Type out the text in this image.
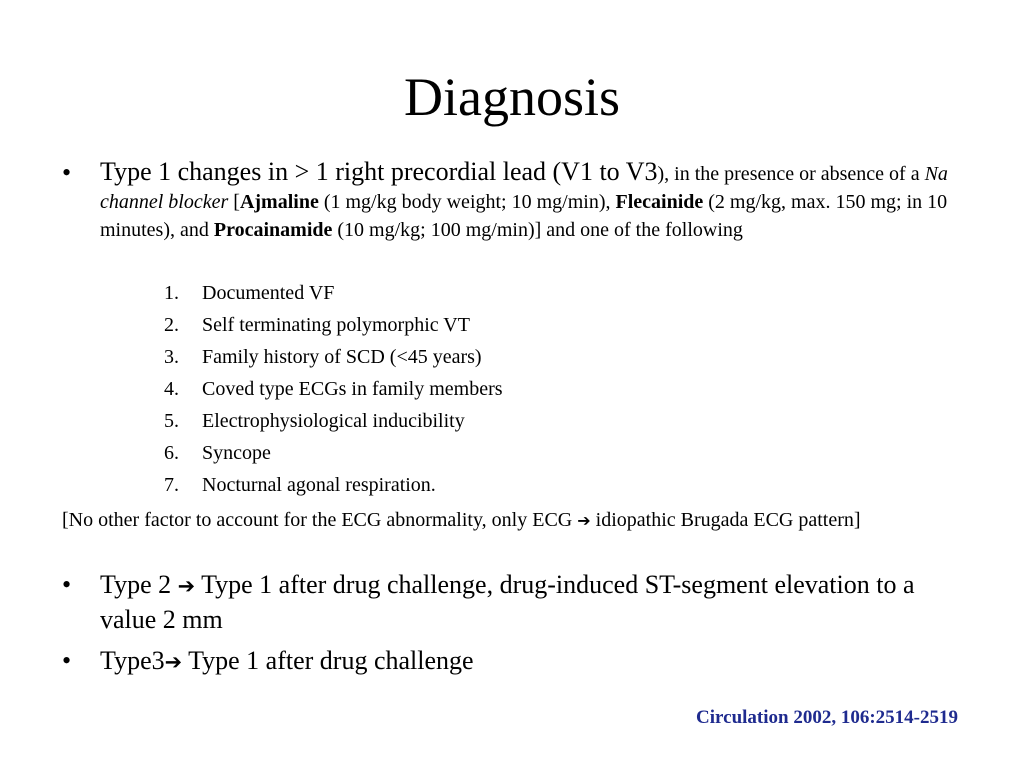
Diagnosis
• Type 1 changes in > 1 right precordial lead (V1 to V3), in the presence or absence of a Na channel blocker [Ajmaline (1 mg/kg body weight; 10 mg/min), Flecainide (2 mg/kg, max. 150 mg; in 10 minutes), and Procainamide (10 mg/kg; 100 mg/min)] and one of the following
1. Documented VF
2. Self terminating polymorphic VT
3. Family history of SCD (<45 years)
4. Coved type ECGs in family members
5. Electrophysiological inducibility
6. Syncope
7. Nocturnal agonal respiration.
[No other factor to account for the ECG abnormality, only ECG ➔ idiopathic Brugada ECG pattern]
• Type 2 ➔ Type 1 after drug challenge, drug-induced ST-segment elevation to a value 2 mm
• Type3➔ Type 1 after drug challenge
Circulation 2002, 106:2514-2519
